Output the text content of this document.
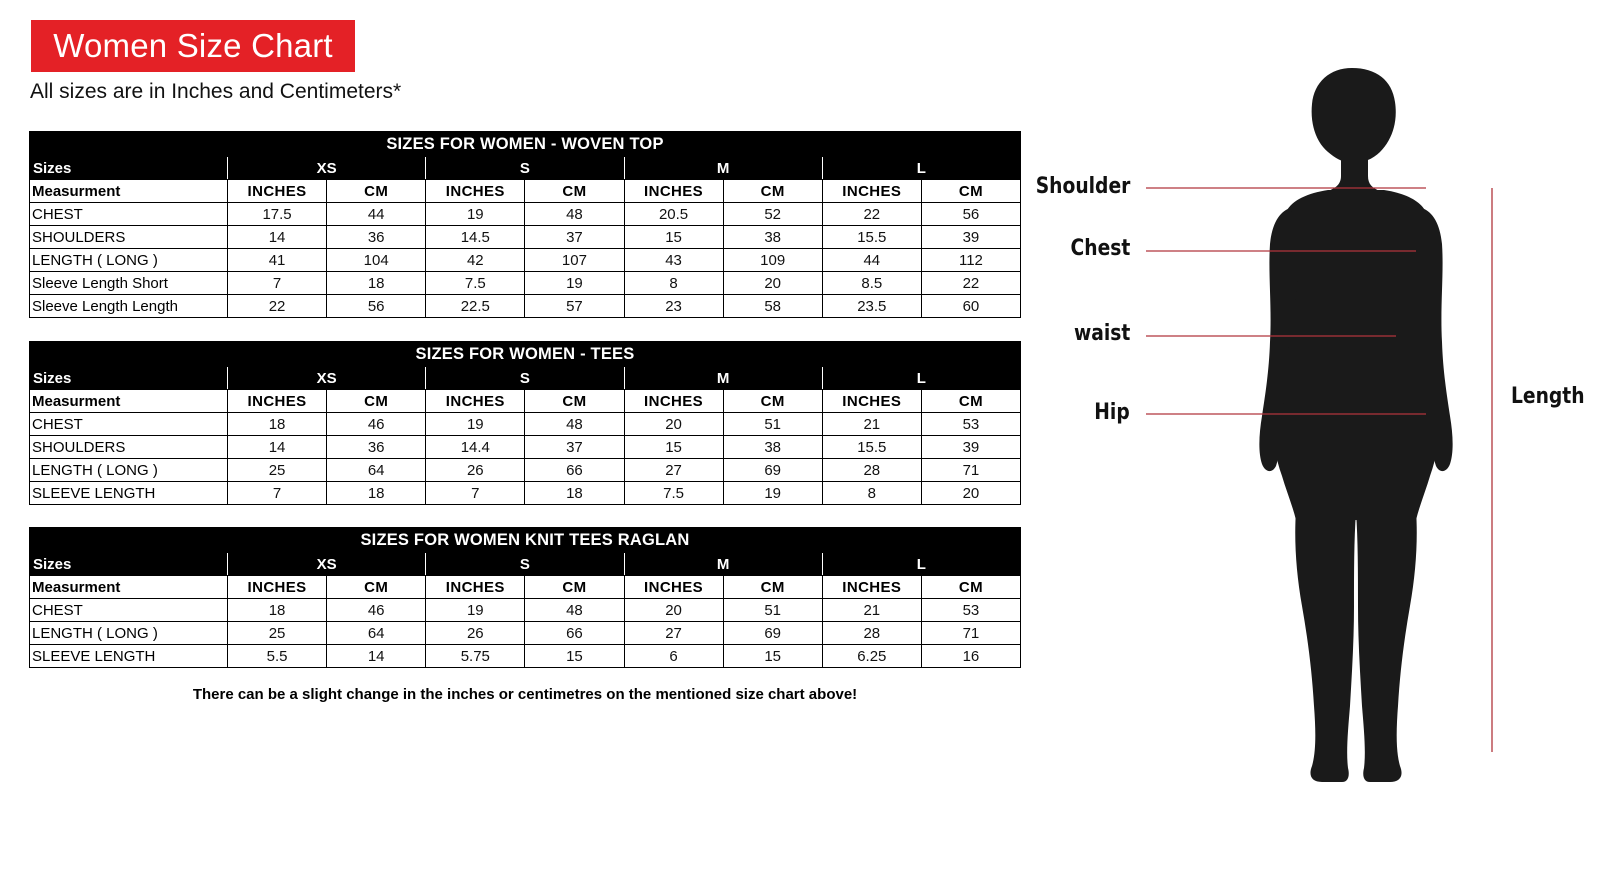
Women Size Chart
All sizes are in Inches and Centimeters*
SIZES FOR WOMEN - WOVEN TOP								
Sizes	XS		S		M		L	
Measurment	INCHES	CM	INCHES	CM	INCHES	CM	INCHES	CM
CHEST	17.5	44	19	48	20.5	52	22	56
SHOULDERS	14	36	14.5	37	15	38	15.5	39
LENGTH ( LONG )	41	104	42	107	43	109	44	112
Sleeve Length Short	7	18	7.5	19	8	20	8.5	22
Sleeve Length Length	22	56	22.5	57	23	58	23.5	60
SIZES FOR WOMEN - TEES								
Sizes	XS		S		M		L	
Measurment	INCHES	CM	INCHES	CM	INCHES	CM	INCHES	CM
CHEST	18	46	19	48	20	51	21	53
SHOULDERS	14	36	14.4	37	15	38	15.5	39
LENGTH ( LONG )	25	64	26	66	27	69	28	71
SLEEVE LENGTH	7	18	7	18	7.5	19	8	20
SIZES FOR WOMEN KNIT TEES RAGLAN								
Sizes	XS		S		M		L	
Measurment	INCHES	CM	INCHES	CM	INCHES	CM	INCHES	CM
CHEST	18	46	19	48	20	51	21	53
LENGTH ( LONG )	25	64	26	66	27	69	28	71
SLEEVE LENGTH	5.5	14	5.75	15	6	15	6.25	16
There can be a slight change in the inches or centimetres on the mentioned size chart above!
Shoulder
Chest
waist
Hip
Length
